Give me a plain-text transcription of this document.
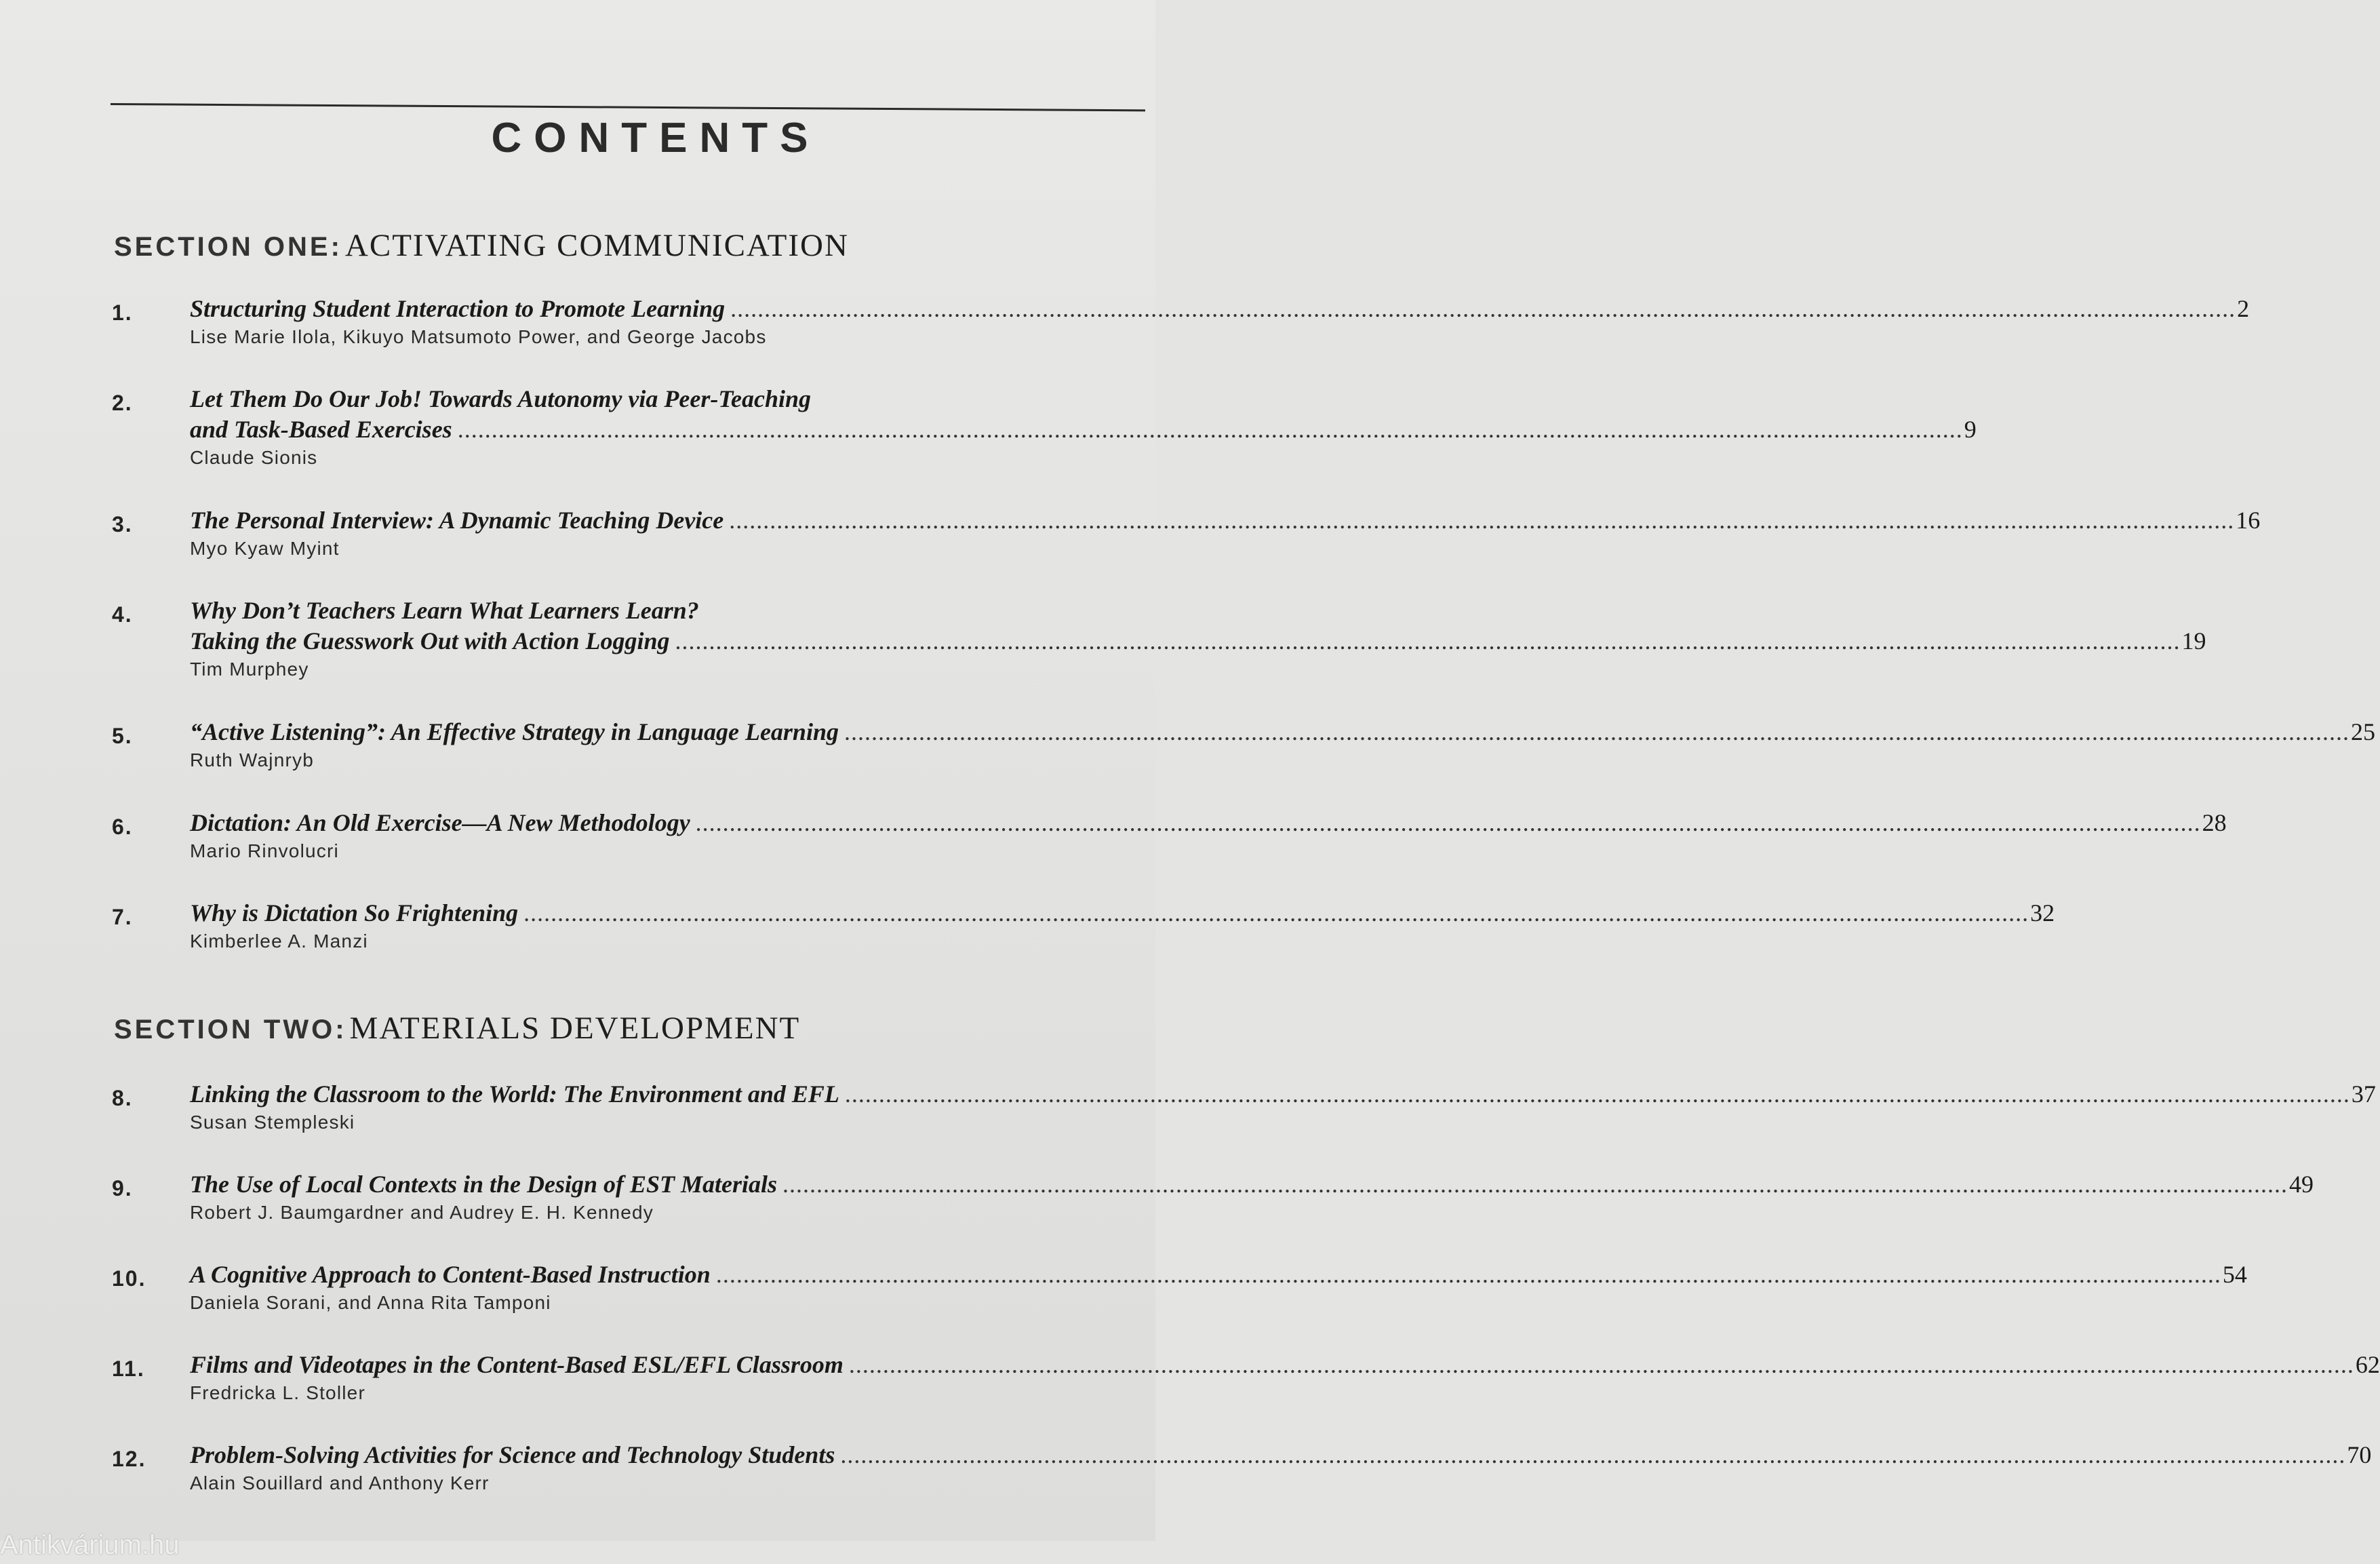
CONTENTS
SECTION ONE: ACTIVATING COMMUNICATION
1. Structuring Student Interaction to Promote Learning .............................................................................................................................................................................................................................. 2
Lise Marie Ilola, Kikuyo Matsumoto Power, and George Jacobs
2. Let Them Do Our Job! Towards Autonomy via Peer-Teaching
and Task-Based Exercises .............................................................................................................................................................................................................................. 9
Claude Sionis
3. The Personal Interview: A Dynamic Teaching Device .............................................................................................................................................................................................................................. 16
Myo Kyaw Myint
4. Why Don’t Teachers Learn What Learners Learn?
Taking the Guesswork Out with Action Logging .............................................................................................................................................................................................................................. 19
Tim Murphey
5. “Active Listening”: An Effective Strategy in Language Learning .............................................................................................................................................................................................................................. 25
Ruth Wajnryb
6. Dictation: An Old Exercise—A New Methodology .............................................................................................................................................................................................................................. 28
Mario Rinvolucri
7. Why is Dictation So Frightening .............................................................................................................................................................................................................................. 32
Kimberlee A. Manzi
SECTION TWO: MATERIALS DEVELOPMENT
8. Linking the Classroom to the World: The Environment and EFL .............................................................................................................................................................................................................................. 37
Susan Stempleski
9. The Use of Local Contexts in the Design of EST Materials .............................................................................................................................................................................................................................. 49
Robert J. Baumgardner and Audrey E. H. Kennedy
10. A Cognitive Approach to Content-Based Instruction .............................................................................................................................................................................................................................. 54
Daniela Sorani, and Anna Rita Tamponi
11. Films and Videotapes in the Content-Based ESL/EFL Classroom .............................................................................................................................................................................................................................. 62
Fredricka L. Stoller
12. Problem-Solving Activities for Science and Technology Students .............................................................................................................................................................................................................................. 70
Alain Souillard and Anthony Kerr
Antikvárium.hu
